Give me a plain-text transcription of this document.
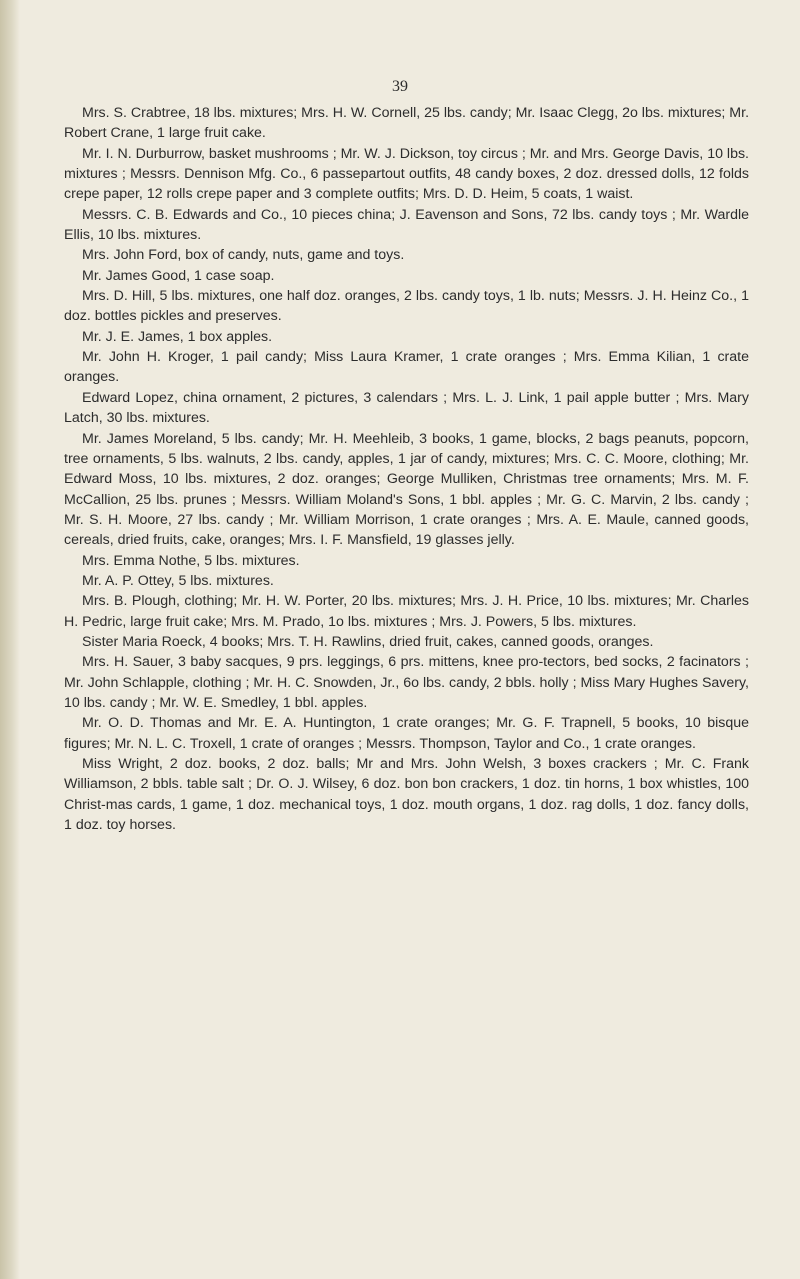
39

Mrs. S. Crabtree, 18 lbs. mixtures; Mrs. H. W. Cornell, 25 lbs. candy; Mr. Isaac Clegg, 2o lbs. mixtures; Mr. Robert Crane, 1 large fruit cake.

Mr. I. N. Durburrow, basket mushrooms ; Mr. W. J. Dickson, toy circus ; Mr. and Mrs. George Davis, 10 lbs. mixtures ; Messrs. Dennison Mfg. Co., 6 passepartout outfits, 48 candy boxes, 2 doz. dressed dolls, 12 folds crepe paper, 12 rolls crepe paper and 3 complete outfits; Mrs. D. D. Heim, 5 coats, 1 waist.

Messrs. C. B. Edwards and Co., 10 pieces china; J. Eavenson and Sons, 72 lbs. candy toys ; Mr. Wardle Ellis, 10 lbs. mixtures.

Mrs. John Ford, box of candy, nuts, game and toys.

Mr. James Good, 1 case soap.

Mrs. D. Hill, 5 lbs. mixtures, one half doz. oranges, 2 lbs. candy toys, 1 lb. nuts; Messrs. J. H. Heinz Co., 1 doz. bottles pickles and preserves.

Mr. J. E. James, 1 box apples.

Mr. John H. Kroger, 1 pail candy; Miss Laura Kramer, 1 crate oranges ; Mrs. Emma Kilian, 1 crate oranges.

Edward Lopez, china ornament, 2 pictures, 3 calendars ; Mrs. L. J. Link, 1 pail apple butter ; Mrs. Mary Latch, 30 lbs. mixtures.

Mr. James Moreland, 5 lbs. candy; Mr. H. Meehleib, 3 books, 1 game, blocks, 2 bags peanuts, popcorn, tree ornaments, 5 lbs. walnuts, 2 lbs. candy, apples, 1 jar of candy, mixtures; Mrs. C. C. Moore, clothing; Mr. Edward Moss, 10 lbs. mixtures, 2 doz. oranges; George Mulliken, Christmas tree ornaments; Mrs. M. F. McCallion, 25 lbs. prunes ; Messrs. William Moland's Sons, 1 bbl. apples ; Mr. G. C. Marvin, 2 lbs. candy ; Mr. S. H. Moore, 27 lbs. candy ; Mr. William Morrison, 1 crate oranges ; Mrs. A. E. Maule, canned goods, cereals, dried fruits, cake, oranges; Mrs. I. F. Mansfield, 19 glasses jelly.

Mrs. Emma Nothe, 5 lbs. mixtures.

Mr. A. P. Ottey, 5 lbs. mixtures.

Mrs. B. Plough, clothing; Mr. H. W. Porter, 20 lbs. mixtures; Mrs. J. H. Price, 10 lbs. mixtures; Mr. Charles H. Pedric, large fruit cake; Mrs. M. Prado, 1o lbs. mixtures ; Mrs. J. Powers, 5 lbs. mixtures.

Sister Maria Roeck, 4 books; Mrs. T. H. Rawlins, dried fruit, cakes, canned goods, oranges.

Mrs. H. Sauer, 3 baby sacques, 9 prs. leggings, 6 prs. mittens, knee pro-tectors, bed socks, 2 facinators ; Mr. John Schlapple, clothing ; Mr. H. C. Snowden, Jr., 6o lbs. candy, 2 bbls. holly ; Miss Mary Hughes Savery, 10 lbs. candy ; Mr. W. E. Smedley, 1 bbl. apples.

Mr. O. D. Thomas and Mr. E. A. Huntington, 1 crate oranges; Mr. G. F. Trapnell, 5 books, 10 bisque figures; Mr. N. L. C. Troxell, 1 crate of oranges ; Messrs. Thompson, Taylor and Co., 1 crate oranges.

Miss Wright, 2 doz. books, 2 doz. balls; Mr and Mrs. John Welsh, 3 boxes crackers ; Mr. C. Frank Williamson, 2 bbls. table salt ; Dr. O. J. Wilsey, 6 doz. bon bon crackers, 1 doz. tin horns, 1 box whistles, 100 Christ-mas cards, 1 game, 1 doz. mechanical toys, 1 doz. mouth organs, 1 doz. rag dolls, 1 doz. fancy dolls, 1 doz. toy horses.
